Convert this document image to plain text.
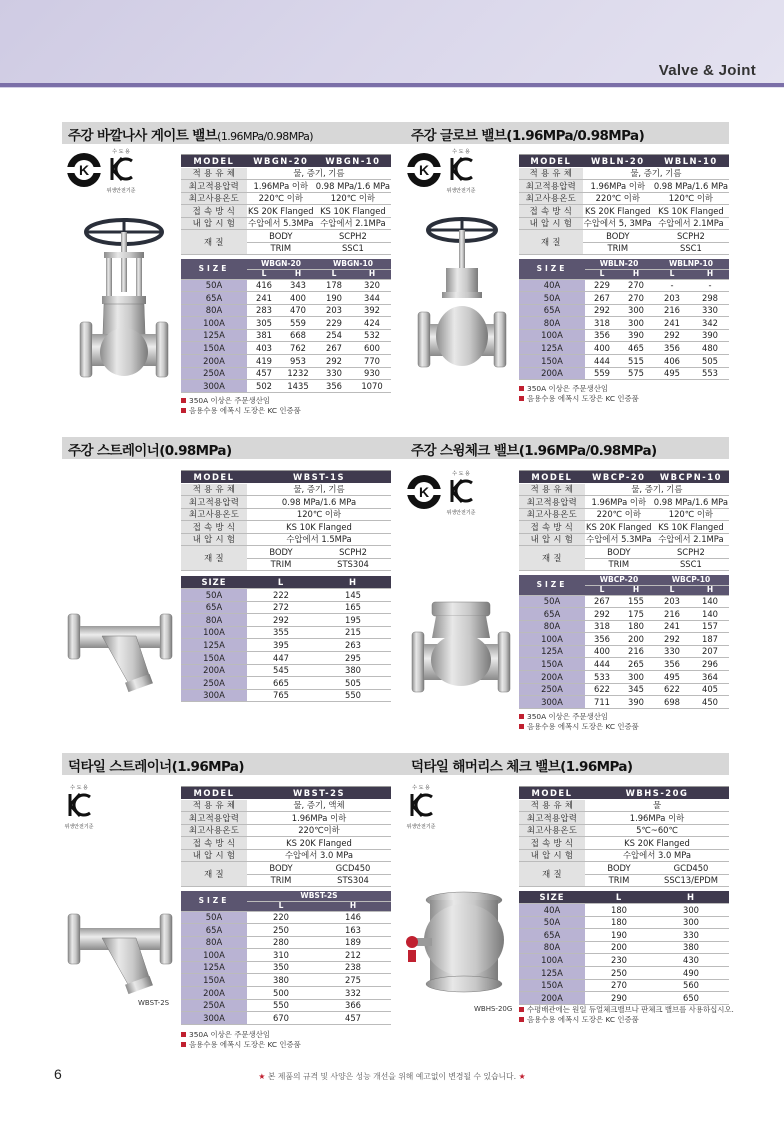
Valve & Joint
주강 바깔나사 게이트 밸브(1.96MPa/0.98MPa)
K
수 도 용
위생안전기준
MODEL	WBGN-20	WBGN-10
적 용 유 체	물, 증기, 기름	
최고적용압력	1.96MPa 이하	0.98 MPa/1.6 MPa
최고사용온도	220℃ 이하	120℃ 이하
접 속 방 식	KS 20K Flanged	KS 10K Flanged
내 압 시 험	수압에서 5.3MPa	수압에서 2.1MPa
재 질	BODY	SCPH2
	TRIM	SSC1
SIZE	WBGN-20		WBGN-10	
	L	H	L	H
50A	416	343	178	320
65A	241	400	190	344
80A	283	470	203	392
100A	305	559	229	424
125A	381	668	254	532
150A	403	762	267	600
200A	419	953	292	770
250A	457	1232	330	930
300A	502	1435	356	1070
350A 이상은 주문생산임
음용수용 에폭시 도장은 KC 인증품
주강 글로브 밸브(1.96MPa/0.98MPa)
K
수 도 용
위생안전기준
MODEL	WBLN-20	WBLN-10
적 용 유 체	물, 증기, 기름	
최고적용압력	1.96MPa 이하	0.98 MPa/1.6 MPa
최고사용온도	220℃ 이하	120℃ 이하
접 속 방 식	KS 20K Flanged	KS 10K Flanged
내 압 시 험	수압에서 5, 3MPa	수압에서 2.1MPa
재 질	BODY	SCPH2
	TRIM	SSC1
SIZE	WBLN-20		WBLNP-10	
	L	H	L	H
40A	229	270	-	-
50A	267	270	203	298
65A	292	300	216	330
80A	318	300	241	342
100A	356	390	292	390
125A	400	465	356	480
150A	444	515	406	505
200A	559	575	495	553
350A 이상은 주문생산임
음용수용 에폭시 도장은 KC 인증품
주강 스트레이너(0.98MPa)
MODEL	WBST-1S	
적 용 유 체	물, 증기, 기름	
최고적용압력	0.98 MPa/1.6 MPa	
최고사용온도	120℃ 이하	
접 속 방 식	KS 10K Flanged	
내 압 시 험	수압에서 1.5MPa	
재 질	BODY	SCPH2
	TRIM	STS304
SIZE	L	H
50A	222	145
65A	272	165
80A	292	195
100A	355	215
125A	395	263
150A	447	295
200A	545	380
250A	665	505
300A	765	550
주강 스윙체크 밸브(1.96MPa/0.98MPa)
K
수 도 용
위생안전기준
MODEL	WBCP-20	WBCPN-10
적 용 유 체	물, 증기, 기름	
최고적용압력	1.96MPa 이하	0.98 MPa/1.6 MPa
최고사용온도	220℃ 이하	120℃ 이하
접 속 방 식	KS 20K Flanged	KS 10K Flanged
내 압 시 험	수압에서 5.3MPa	수압에서 2.1MPa
재 질	BODY	SCPH2
	TRIM	SSC1
SIZE	WBCP-20		WBCP-10	
	L	H	L	H
50A	267	155	203	140
65A	292	175	216	140
80A	318	180	241	157
100A	356	200	292	187
125A	400	216	330	207
150A	444	265	356	296
200A	533	300	495	364
250A	622	345	622	405
300A	711	390	698	450
350A 이상은 주문생산임
음용수용 에폭시 도장은 KC 인증품
덕타일 스트레이너(1.96MPa)
수 도 용
위생안전기준
WBST-2S
MODEL	WBST-2S	
적 용 유 체	물, 증기, 액체	
최고적용압력	1.96MPa 이하	
최고사용온도	220℃이하	
접 속 방 식	KS 20K Flanged	
내 압 시 험	수압에서 3.0 MPa	
재 질	BODY	GCD450
	TRIM	STS304
SIZE	WBST-2S	
	L	H
50A	220	146
65A	250	163
80A	280	189
100A	310	212
125A	350	238
150A	380	275
200A	500	332
250A	550	366
300A	670	457
350A 이상은 주문생산임
음용수용 에폭시 도장은 KC 인증품
덕타일 해머리스 체크 밸브(1.96MPa)
수 도 용
위생안전기준
WBHS-20G
MODEL	WBHS-20G	
적 용 유 체	물	
최고적용압력	1.96MPa 이하	
최고사용온도	5℃~60℃	
접 속 방 식	KS 20K Flanged	
내 압 시 험	수압에서 3.0 MPa	
재 질	BODY	GCD450
	TRIM	SSC13/EPDM
SIZE	L	H
40A	180	300
50A	180	300
65A	190	330
80A	200	380
100A	230	430
125A	250	490
150A	270	560
200A	290	650
수평배관에는 원일 듀얼체크밸브나 판체크 밸브를 사용하십시오.
음용수용 에폭시 도장은 KC 인증품
6	★ 본 제품의 규격 및 사양은 성능 개선을 위해 예고없이 변경될 수 있습니다. ★
